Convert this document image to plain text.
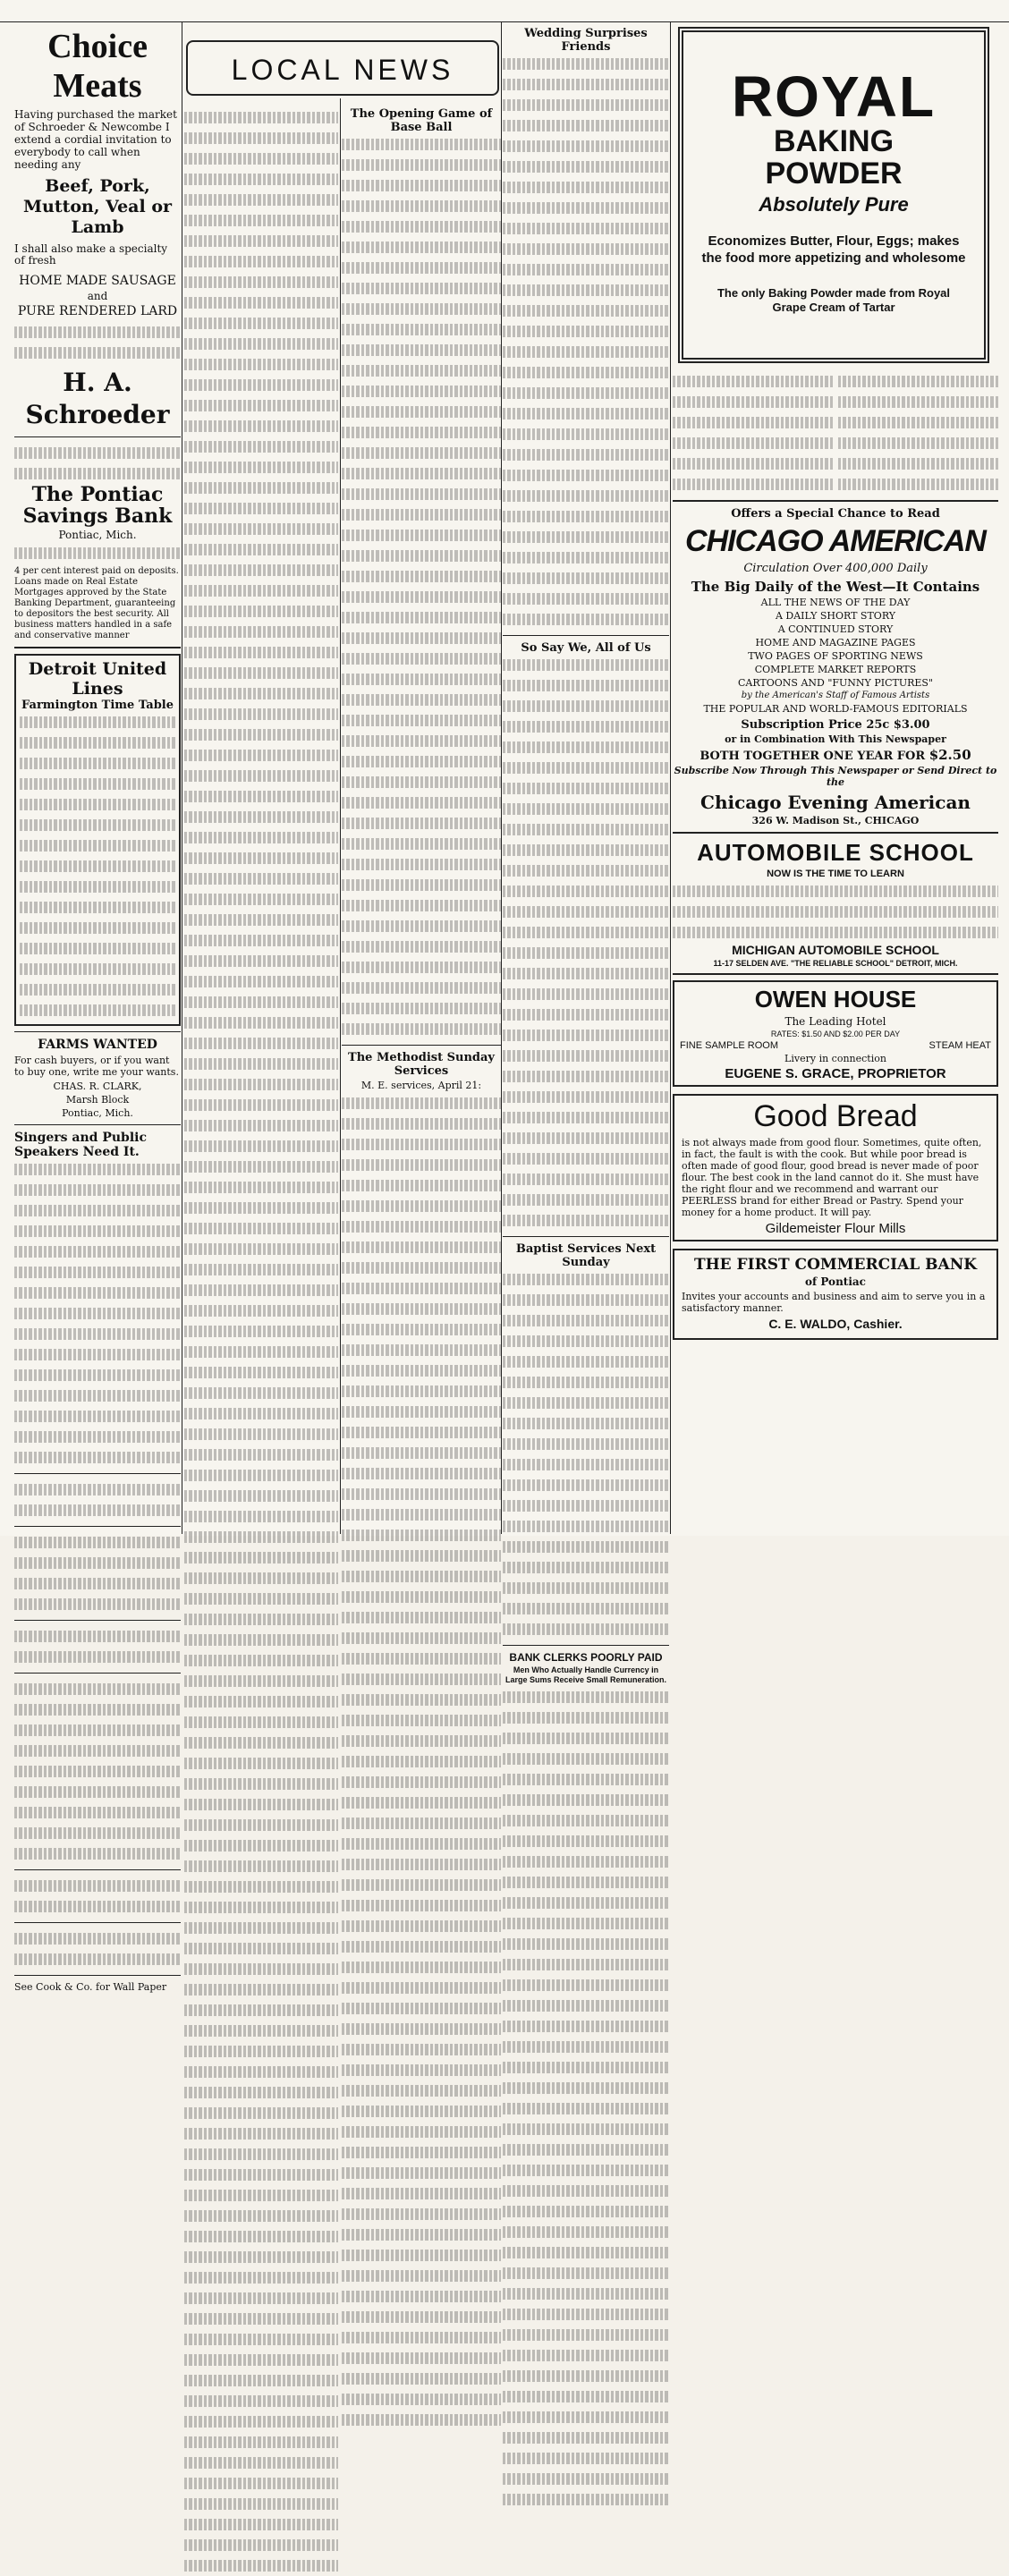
Choice Meats

Having purchased the market of Schroeder & Newcombe I extend a cordial invitation to everybody to call when needing any

Beef, Pork, Mutton, Veal or Lamb

I shall also make a specialty of fresh

HOME MADE SAUSAGE
and
PURE RENDERED LARD
H. A. Schroeder
The Pontiac
Savings Bank
Pontiac, Mich.

4 per cent interest paid on deposits. Loans made on Real Estate Mortgages approved by the State Banking Department, guaranteeing to depositors the best security. All business matters handled in a safe and conservative manner

Detroit United Lines
Farmington Time Table
FARMS WANTED

For cash buyers, or if you want to buy one, write me your wants.

CHAS. R. CLARK,
Marsh Block
Pontiac, Mich.
Singers and Public Speakers Need It.

See Cook & Co. for Wall Paper

LOCAL NEWS
The Opening Game of Base Ball
The Methodist Sunday Services
M. E. services, April 21:
Wedding Surprises Friends
So Say We, All of Us
Baptist Services Next Sunday
BANK CLERKS POORLY PAID
Men Who Actually Handle Currency in Large Sums Receive Small Remuneration.
ROYAL
BAKING
POWDER
Absolutely Pure
Economizes Butter, Flour, Eggs; makes the food more appetizing and wholesome
The only Baking Powder made from Royal Grape Cream of Tartar
Offers a Special Chance to Read
CHICAGO AMERICAN
Circulation Over 400,000 Daily
The Big Daily of the West—It Contains
ALL THE NEWS OF THE DAY
A DAILY SHORT STORY
A CONTINUED STORY
HOME AND MAGAZINE PAGES
TWO PAGES OF SPORTING NEWS
COMPLETE MARKET REPORTS
CARTOONS AND "FUNNY PICTURES"
by the American's Staff of Famous Artists
THE POPULAR AND WORLD-FAMOUS EDITORIALS
Subscription Price 25c $3.00
or in Combination With This Newspaper
BOTH TOGETHER ONE YEAR FOR $2.50
Subscribe Now Through This Newspaper or Send Direct to the
Chicago Evening American
326 W. Madison St., CHICAGO
AUTOMOBILE SCHOOL
NOW IS THE TIME TO LEARN
MICHIGAN AUTOMOBILE SCHOOL
11-17 SELDEN AVE. "THE RELIABLE SCHOOL" DETROIT, MICH.
OWEN HOUSE
The Leading Hotel
RATES: $1.50 AND $2.00 PER DAY
FINE SAMPLE ROOM	STEAM HEAT
Livery in connection
EUGENE S. GRACE, PROPRIETOR
Good Bread

is not always made from good flour. Sometimes, quite often, in fact, the fault is with the cook. But while poor bread is often made of good flour, good bread is never made of poor flour. The best cook in the land cannot do it. She must have the right flour and we recommend and warrant our PEERLESS brand for either Bread or Pastry. Spend your money for a home product. It will pay.

Gildemeister Flour Mills
THE FIRST COMMERCIAL BANK
of Pontiac

Invites your accounts and business and aim to serve you in a satisfactory manner.

C. E. WALDO, Cashier.
